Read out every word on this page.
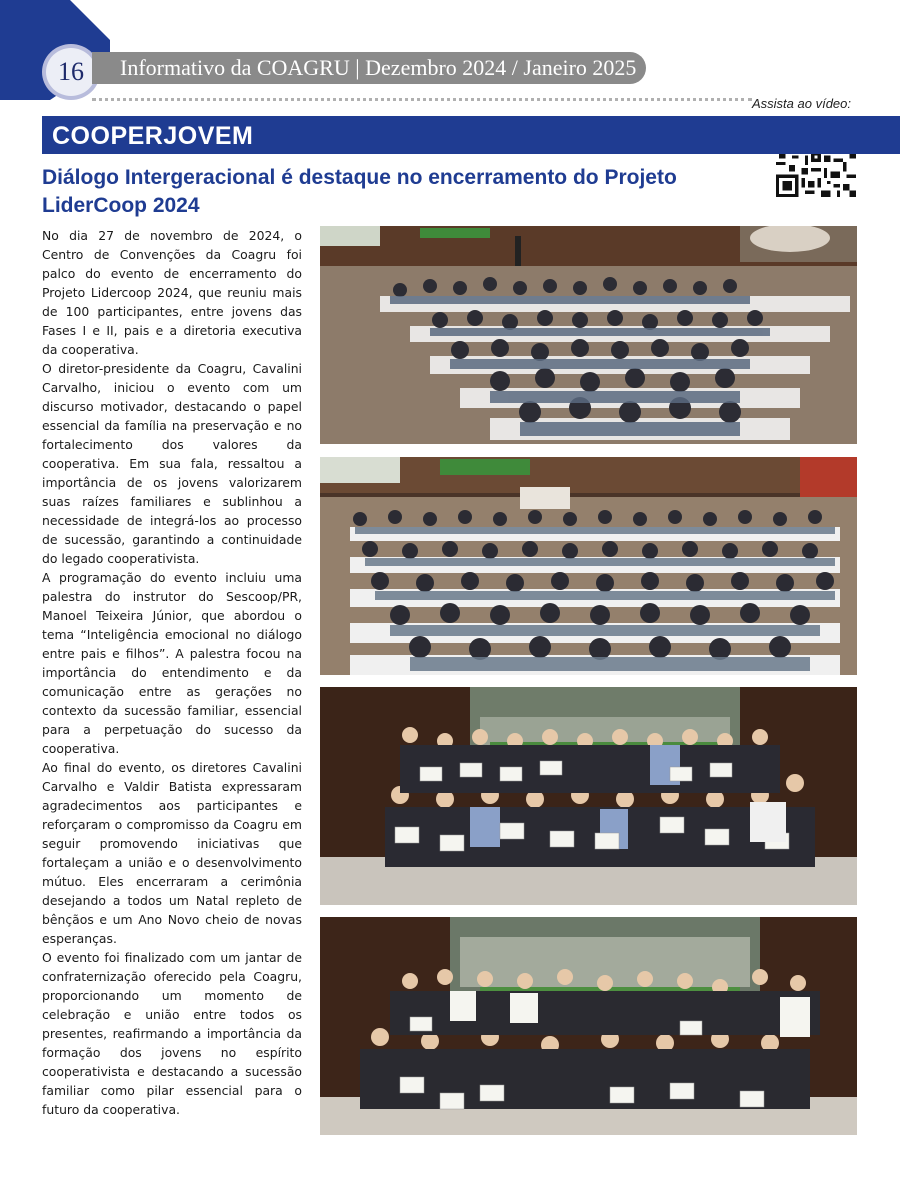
16	Informativo da COAGRU | Dezembro 2024 / Janeiro 2025
Assista ao vídeo:
COOPERJOVEM
Diálogo Intergeracional é destaque no encerramento do Projeto LiderCoop 2024

No dia 27 de novembro de 2024, o Centro de Convenções da Coagru foi palco do evento de encerramento do Projeto Lidercoop 2024, que reuniu mais de 100 participantes, entre jovens das Fases I e II, pais e a diretoria executiva da cooperativa.

O diretor-presidente da Coagru, Cavalini Carvalho, iniciou o evento com um discurso motivador, destacando o papel essencial da família na preservação e no fortalecimento dos valores da cooperativa. Em sua fala, ressaltou a importância de os jovens valorizarem suas raízes familiares e sublinhou a necessidade de integrá-los ao processo de sucessão, garantindo a continuidade do legado cooperativista.

A programação do evento incluiu uma palestra do instrutor do Sescoop/PR, Manoel Teixeira Júnior, que abordou o tema “Inteligência emocional no diálogo entre pais e filhos”. A palestra focou na importância do entendimento e da comunicação entre as gerações no contexto da sucessão familiar, essencial para a perpetuação do sucesso da cooperativa.

Ao final do evento, os diretores Cavalini Carvalho e Valdir Batista expressaram agradecimentos aos participantes e reforçaram o compromisso da Coagru em seguir promovendo iniciativas que fortaleçam a união e o desenvolvimento mútuo. Eles encerraram a cerimônia desejando a todos um Natal repleto de bênçãos e um Ano Novo cheio de novas esperanças.

O evento foi finalizado com um jantar de confraternização oferecido pela Coagru, proporcionando um momento de celebração e união entre todos os presentes, reafirmando a importância da formação dos jovens no espírito cooperativista e destacando a sucessão familiar como pilar essencial para o futuro da cooperativa.
